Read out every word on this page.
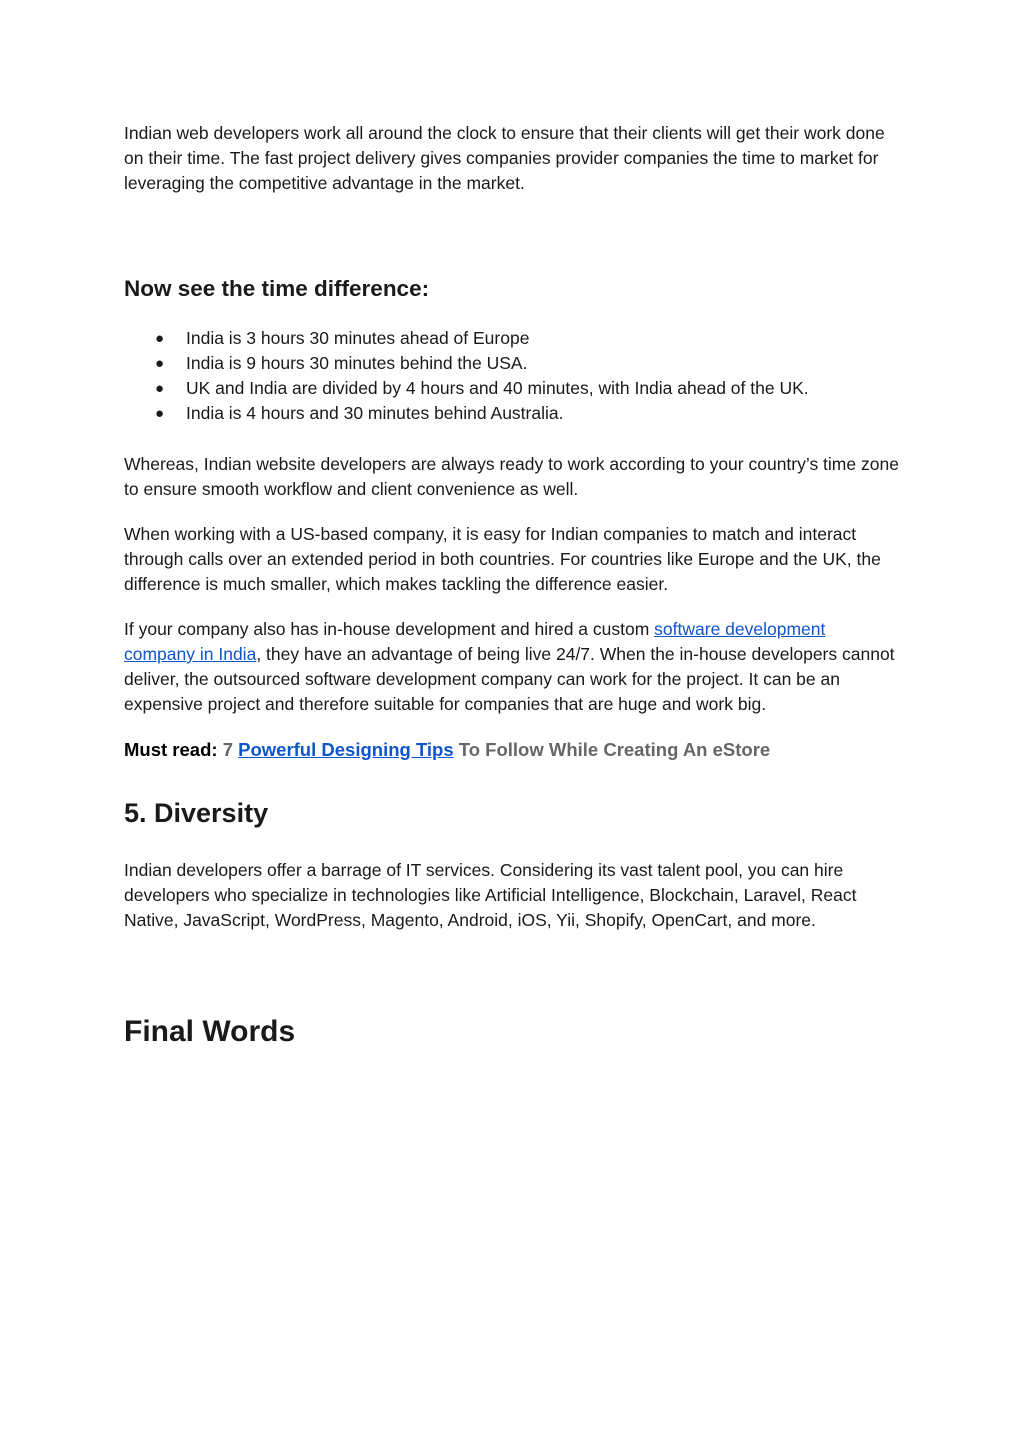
Indian web developers work all around the clock to ensure that their clients will get their work done on their time. The fast project delivery gives companies provider companies the time to market for leveraging the competitive advantage in the market.

Now see the time difference:
● India is 3 hours 30 minutes ahead of Europe
● India is 9 hours 30 minutes behind the USA.
● UK and India are divided by 4 hours and 40 minutes, with India ahead of the UK.
● India is 4 hours and 30 minutes behind Australia.

Whereas, Indian website developers are always ready to work according to your country’s time zone to ensure smooth workflow and client convenience as well.

When working with a US-based company, it is easy for Indian companies to match and interact through calls over an extended period in both countries. For countries like Europe and the UK, the difference is much smaller, which makes tackling the difference easier.

If your company also has in-house development and hired a custom software development company in India, they have an advantage of being live 24/7. When the in-house developers cannot deliver, the outsourced software development company can work for the project. It can be an expensive project and therefore suitable for companies that are huge and work big.

Must read: 7 Powerful Designing Tips To Follow While Creating An eStore

5. Diversity

Indian developers offer a barrage of IT services. Considering its vast talent pool, you can hire developers who specialize in technologies like Artificial Intelligence, Blockchain, Laravel, React Native, JavaScript, WordPress, Magento, Android, iOS, Yii, Shopify, OpenCart, and more.

Final Words
